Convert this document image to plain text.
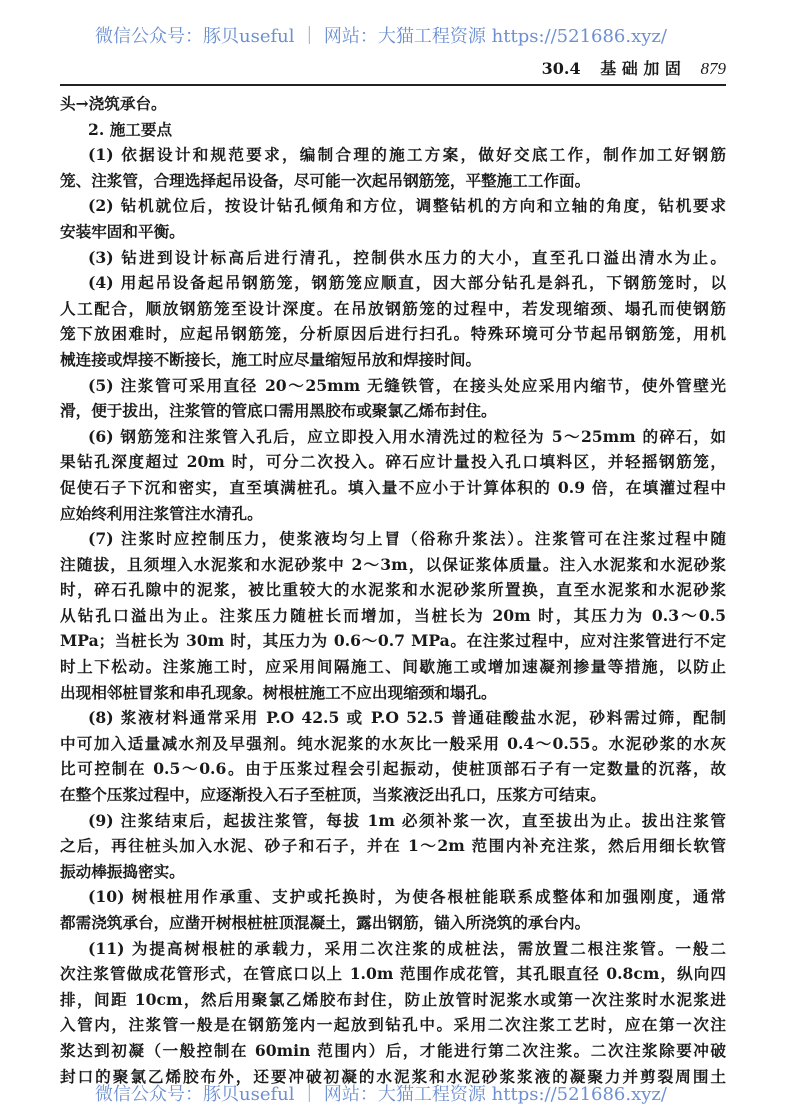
微信公众号：豚贝useful ｜ 网站：大猫工程资源 https://521686.xyz/
30.4 基 础 加 固 879
头→浇筑承台。
2. 施工要点
(1) 依据设计和规范要求，编制合理的施工方案，做好交底工作，制作加工好钢筋
笼、注浆管，合理选择起吊设备，尽可能一次起吊钢筋笼，平整施工工作面。
(2) 钻机就位后，按设计钻孔倾角和方位，调整钻机的方向和立轴的角度，钻机要求
安装牢固和平衡。
(3) 钻进到设计标高后进行清孔，控制供水压力的大小，直至孔口溢出清水为止。
(4) 用起吊设备起吊钢筋笼，钢筋笼应顺直，因大部分钻孔是斜孔，下钢筋笼时，以
人工配合，顺放钢筋笼至设计深度。在吊放钢筋笼的过程中，若发现缩颈、塌孔而使钢筋
笼下放困难时，应起吊钢筋笼，分析原因后进行扫孔。特殊环境可分节起吊钢筋笼，用机
械连接或焊接不断接长，施工时应尽量缩短吊放和焊接时间。
(5) 注浆管可采用直径 20～25mm 无缝铁管，在接头处应采用内缩节，使外管壁光
滑，便于拔出，注浆管的管底口需用黑胶布或聚氯乙烯布封住。
(6) 钢筋笼和注浆管入孔后，应立即投入用水清洗过的粒径为 5～25mm 的碎石，如
果钻孔深度超过 20m 时，可分二次投入。碎石应计量投入孔口填料区，并轻摇钢筋笼，
促使石子下沉和密实，直至填满桩孔。填入量不应小于计算体积的 0.9 倍，在填灌过程中
应始终利用注浆管注水清孔。
(7) 注浆时应控制压力，使浆液均匀上冒（俗称升浆法）。注浆管可在注浆过程中随
注随拔，且须埋入水泥浆和水泥砂浆中 2～3m，以保证浆体质量。注入水泥浆和水泥砂浆
时，碎石孔隙中的泥浆，被比重较大的水泥浆和水泥砂浆所置换，直至水泥浆和水泥砂浆
从钻孔口溢出为止。注浆压力随桩长而增加，当桩长为 20m 时，其压力为 0.3～0.5
MPa；当桩长为 30m 时，其压力为 0.6～0.7 MPa。在注浆过程中，应对注浆管进行不定
时上下松动。注浆施工时，应采用间隔施工、间歇施工或增加速凝剂掺量等措施，以防止
出现相邻桩冒浆和串孔现象。树根桩施工不应出现缩颈和塌孔。
(8) 浆液材料通常采用 P.O 42.5 或 P.O 52.5 普通硅酸盐水泥，砂料需过筛，配制
中可加入适量减水剂及早强剂。纯水泥浆的水灰比一般采用 0.4～0.55。水泥砂浆的水灰
比可控制在 0.5～0.6。由于压浆过程会引起振动，使桩顶部石子有一定数量的沉落，故
在整个压浆过程中，应逐渐投入石子至桩顶，当浆液泛出孔口，压浆方可结束。
(9) 注浆结束后，起拔注浆管，每拔 1m 必须补浆一次，直至拔出为止。拔出注浆管
之后，再往桩头加入水泥、砂子和石子，并在 1～2m 范围内补充注浆，然后用细长软管
振动棒振捣密实。
(10) 树根桩用作承重、支护或托换时，为使各根桩能联系成整体和加强刚度，通常
都需浇筑承台，应凿开树根桩桩顶混凝土，露出钢筋，锚入所浇筑的承台内。
(11) 为提高树根桩的承载力，采用二次注浆的成桩法，需放置二根注浆管。一般二
次注浆管做成花管形式，在管底口以上 1.0m 范围作成花管，其孔眼直径 0.8cm，纵向四
排，间距 10cm，然后用聚氯乙烯胶布封住，防止放管时泥浆水或第一次注浆时水泥浆进
入管内，注浆管一般是在钢筋笼内一起放到钻孔中。采用二次注浆工艺时，应在第一次注
浆达到初凝（一般控制在 60min 范围内）后，才能进行第二次注浆。二次注浆除要冲破
封口的聚氯乙烯胶布外，还要冲破初凝的水泥浆和水泥砂浆浆液的凝聚力并剪裂周围土
微信公众号：豚贝useful ｜ 网站：大猫工程资源 https://521686.xyz/
